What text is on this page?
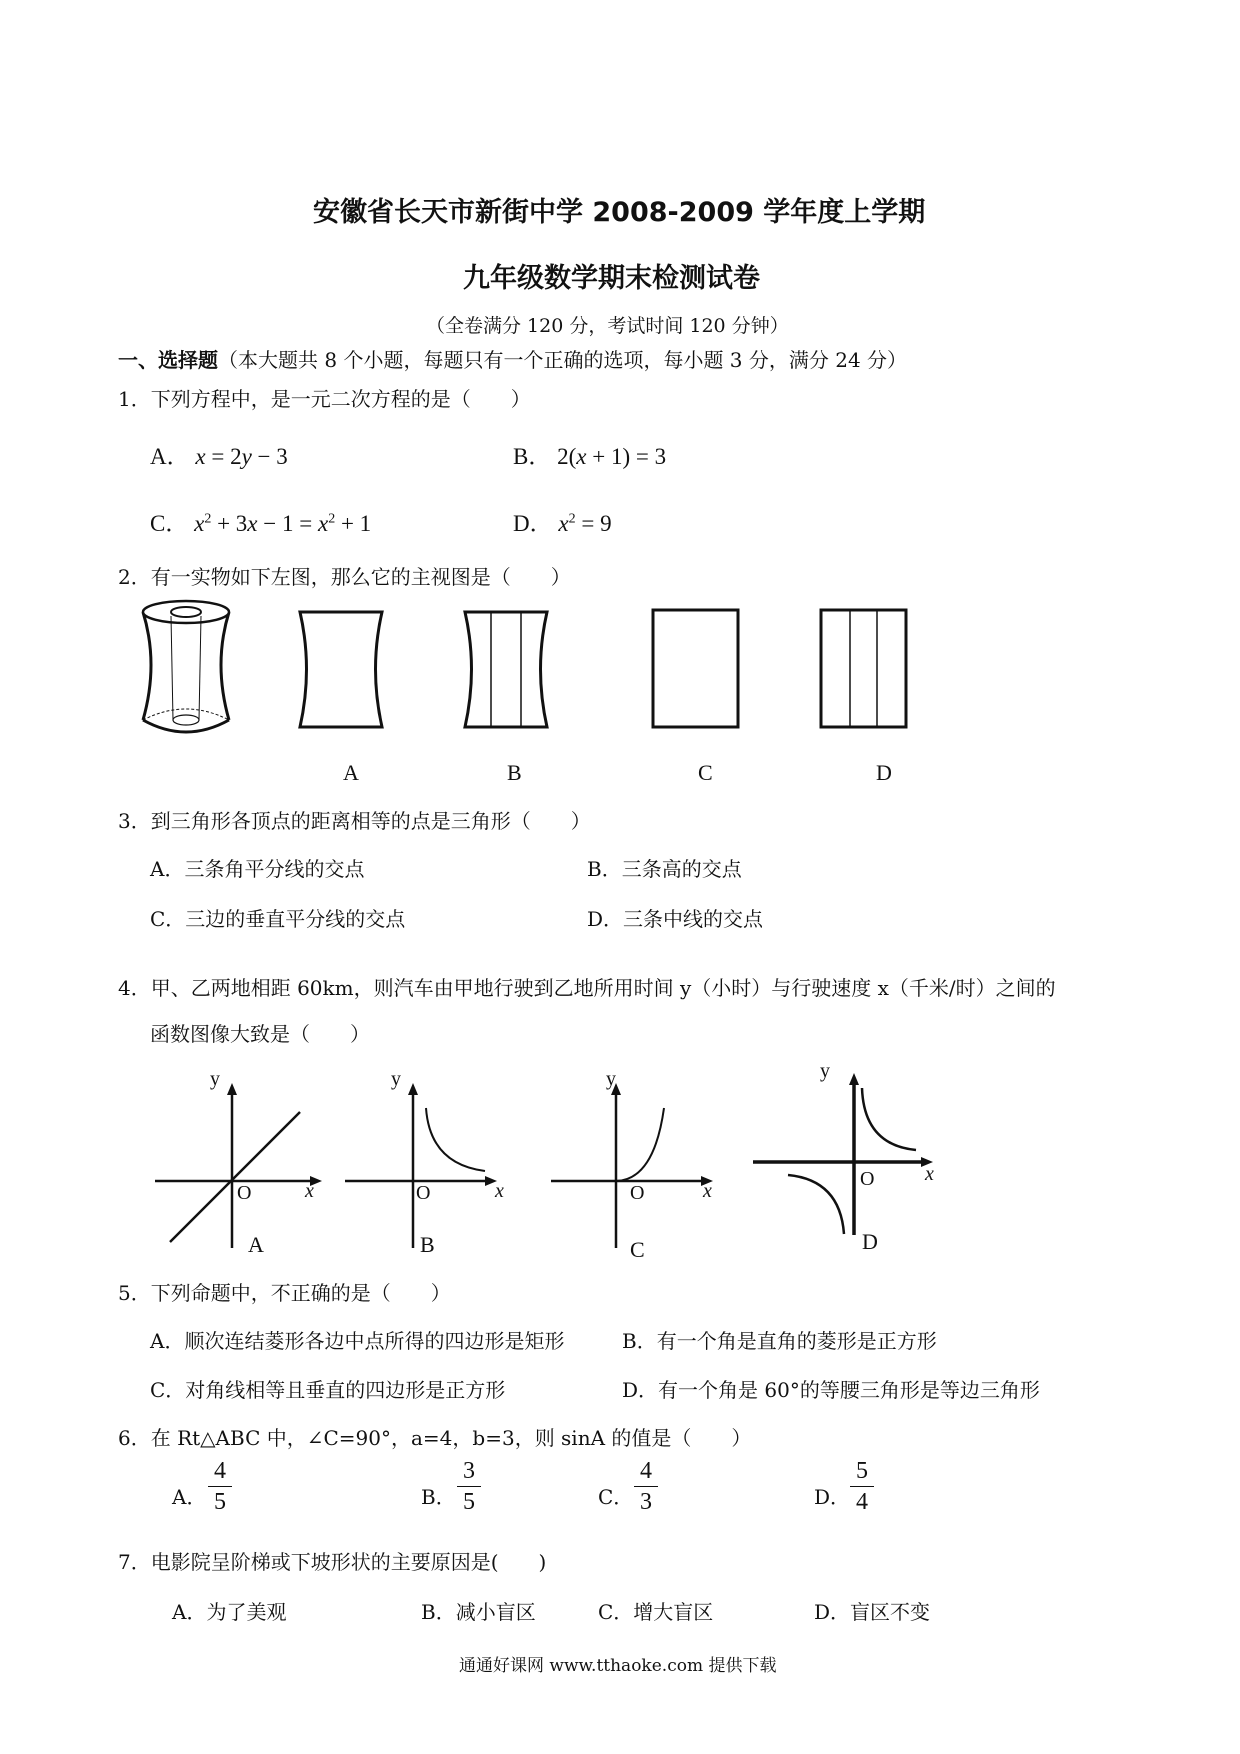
安徽省长天市新街中学 2008-2009 学年度上学期
九年级数学期末检测试卷
（全卷满分 120 分，考试时间 120 分钟）
一、选择题（本大题共 8 个小题，每题只有一个正确的选项，每小题 3 分，满分 24 分）
1．下列方程中，是一元二次方程的是（　　）
A． x = 2y − 3	B． 2(x + 1) = 3
C． $x^2 + 3x - 1 = x^2 + 1$	D． $x^2 = 9$
2．有一实物如下左图，那么它的主视图是（　　）
A	B	C	D
3．到三角形各顶点的距离相等的点是三角形（　　）
A．三条角平分线的交点	B．三条高的交点
C．三边的垂直平分线的交点	D．三条中线的交点
4．甲、乙两地相距 60km，则汽车由甲地行驶到乙地所用时间 y（小时）与行驶速度 x（千米/时）之间的
函数图像大致是（　　）
y
O	x
A
y
O	x
B
y
O	x
C
y
O	x
D
5．下列命题中，不正确的是（　　）
A．顺次连结菱形各边中点所得的四边形是矩形	B．有一个角是直角的菱形是正方形
C．对角线相等且垂直的四边形是正方形	D．有一个角是 60°的等腰三角形是等边三角形
6．在 Rt△ABC 中，∠C=90°，a=4，b=3，则 sinA 的值是（　　）
A．
4
5	B．
3
5	C．
4
3	D．
5
4
7．电影院呈阶梯或下坡形状的主要原因是(　　)
A．为了美观	B．减小盲区	C．增大盲区	D．盲区不变
通通好课网 www.tthaoke.com 提供下载
